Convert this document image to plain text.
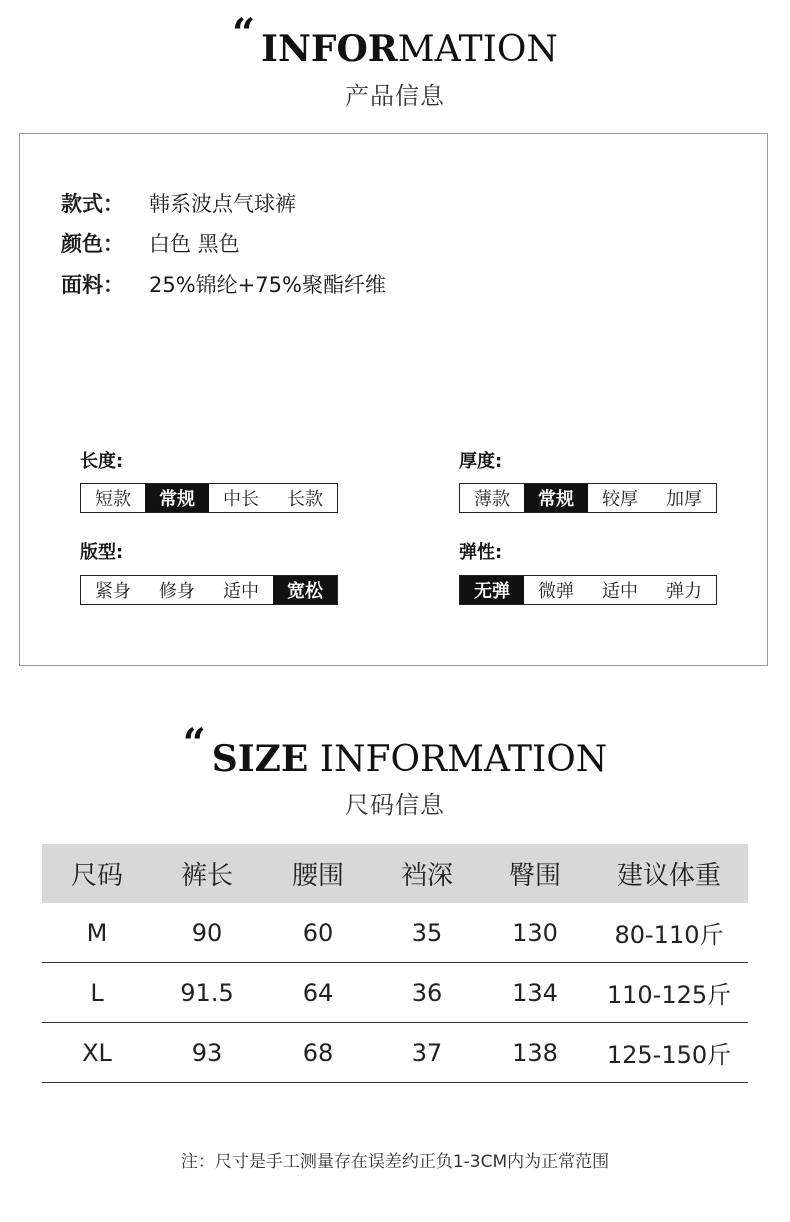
“ INFORMATION
产品信息
款式： 韩系波点气球裤
颜色： 白色 黑色
面料： 25%锦纶+75%聚酯纤维
长度:
短款	常规	中长	长款
厚度:
薄款	常规	较厚	加厚
版型:
紧身	修身	适中	宽松
弹性:
无弹	微弹	适中	弹力
“ SIZE INFORMATION
尺码信息
尺码	裤长	腰围	裆深	臀围	建议体重
M	90	60	35	130	80-110斤
L	91.5	64	36	134	110-125斤
XL	93	68	37	138	125-150斤
注：尺寸是手工测量存在误差约正负1-3CM内为正常范围
